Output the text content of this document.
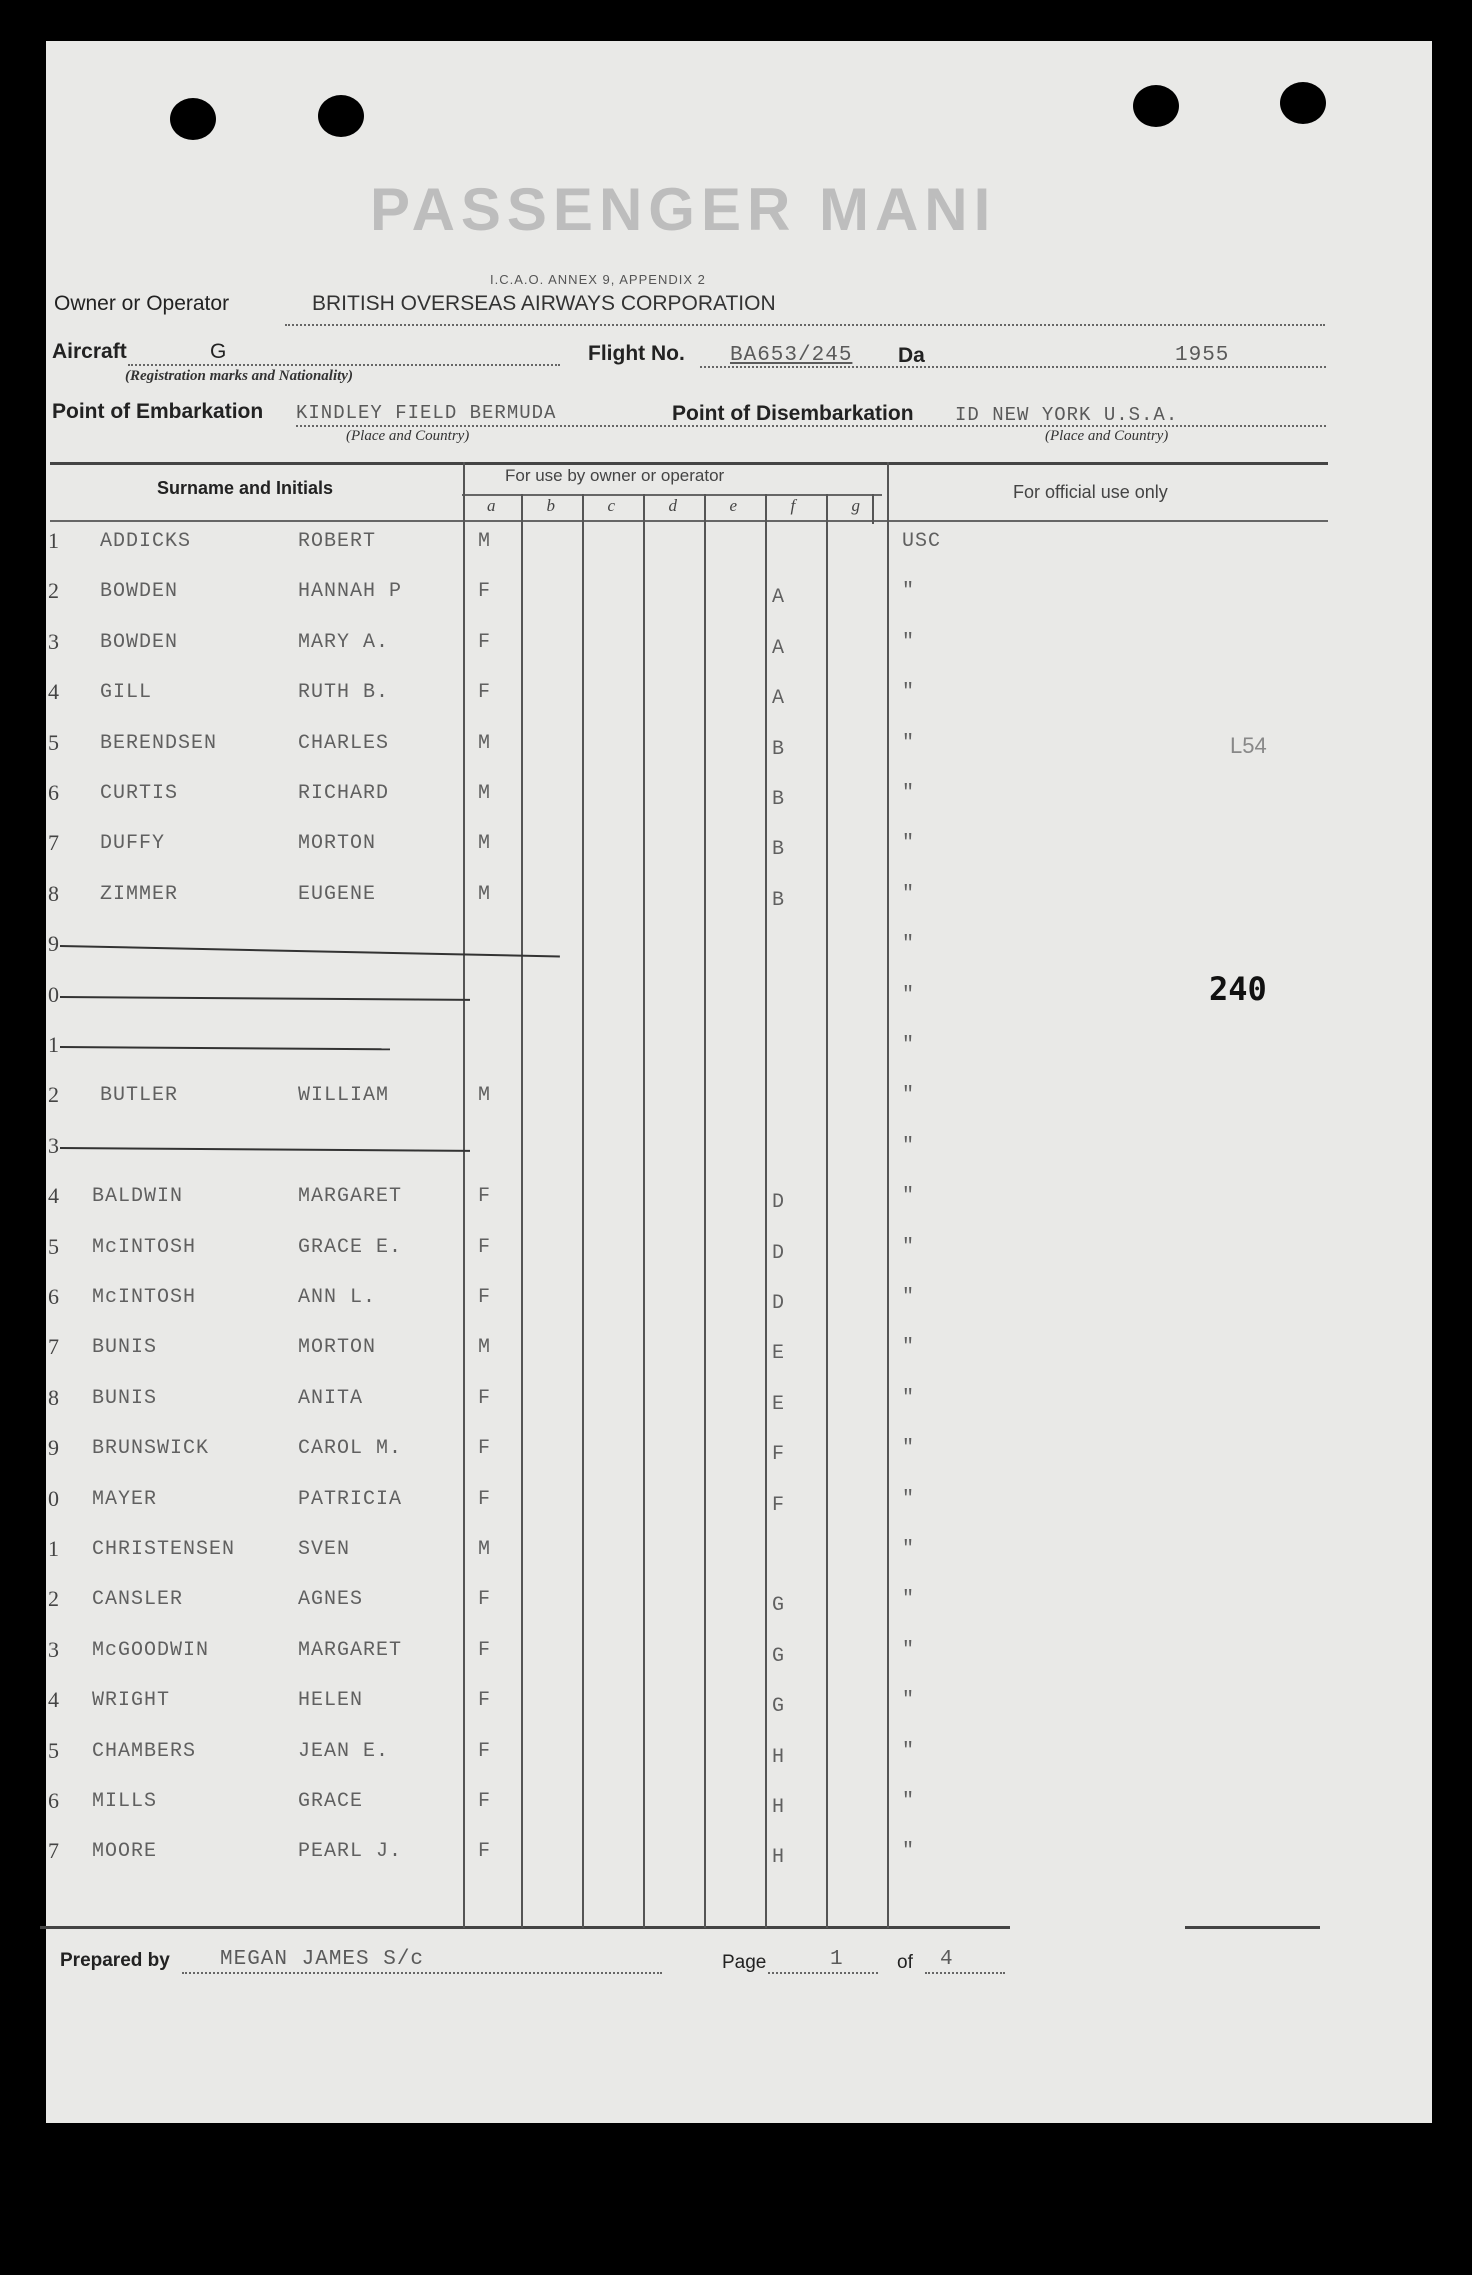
PASSENGER MANI
I.C.A.O. ANNEX 9, APPENDIX 2
Owner or Operator	BRITISH OVERSEAS AIRWAYS CORPORATION
Aircraft	G
(Registration marks and Nationality)
Flight No. BA653/245 Da	1955
Point of Embarkation KINDLEY FIELD BERMUDA
(Place and Country)
Point of Disembarkation ID NEW YORK U.S.A.
(Place and Country)
Surname and Initials
For use by owner or operator
For official use only
a	b	c	d	e	f	g
1 ADDICKS	ROBERT	M	USC
2 BOWDEN	HANNAH P	F	A	"
3 BOWDEN	MARY A.	F	A	"
4 GILL	RUTH B.	F	A	"
5 BERENDSEN	CHARLES	M	B	"
6 CURTIS	RICHARD	M	B	"
7 DUFFY	MORTON	M	B	"
8 ZIMMER	EUGENE	M	B	"
9	"
0	"
1	"
2 BUTLER	WILLIAM	M	"
3	"
4 BALDWIN	MARGARET	F	D	"
5 McINTOSH	GRACE E.	F	D	"
6 McINTOSH	ANN L.	F	D	"
7 BUNIS	MORTON	M	E	"
8 BUNIS	ANITA	F	E	"
9 BRUNSWICK	CAROL M.	F	F	"
0 MAYER	PATRICIA	F	F	"
1 CHRISTENSEN	SVEN	M	"
2 CANSLER	AGNES	F	G	"
3 McGOODWIN	MARGARET	F	G	"
4 WRIGHT	HELEN	F	G	"
5 CHAMBERS	JEAN E.	F	H	"
6 MILLS	GRACE	F	H	"
7 MOORE	PEARL J.	F	H	"
L54
240
Prepared by MEGAN JAMES S/c	Page	1	of 4
